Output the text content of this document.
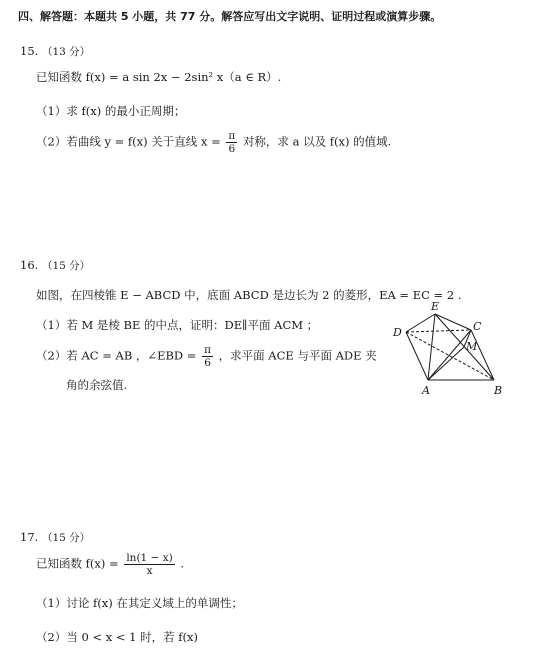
四、解答题：本题共 5 小题，共 77 分。解答应写出文字说明、证明过程或演算步骤。
15. （13 分）
已知函数 f(x) = a sin 2x − 2sin² x（a ∈ R）.
（1）求 f(x) 的最小正周期；
（2）若曲线 y = f(x) 关于直线 $x = \frac{\pi}{6}$ 对称，求 a 以及 f(x) 的值域.
16. （15 分）
如图，在四棱锥 E − ABCD 中，底面 ABCD 是边长为 2 的菱形，EA = EC = 2 .
（1）若 M 是棱 BE 的中点，证明：DE∥平面 ACM ；
（2）若 AC = AB ，∠EBD = $\frac{\pi}{6}$ ，求平面 ACE 与平面 ADE 夹
角的余弦值.
E
D	C
M
A	B
17. （15 分）
已知函数 $f(x) = \frac{\ln(1 - x)}{x}$ .
（1）讨论 f(x) 在其定义域上的单调性；
（2）当 0 < x < 1 时，若 f(x)
